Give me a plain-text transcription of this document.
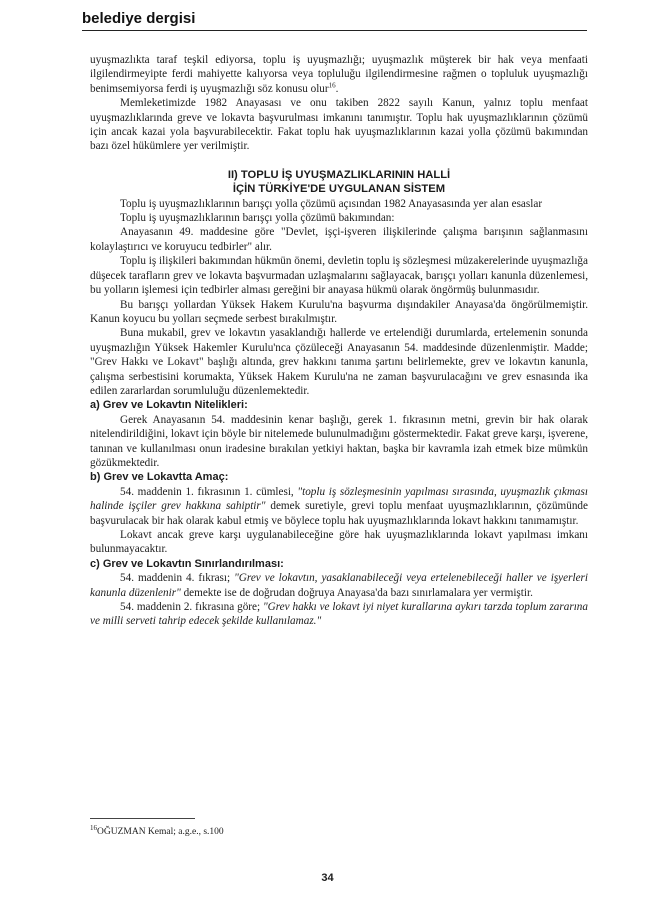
belediye dergisi

uyuşmazlıkta taraf teşkil ediyorsa, toplu iş uyuşmazlığı; uyuşmazlık müşterek bir hak veya menfaati ilgilendirmeyipte ferdi mahiyette kalıyorsa veya topluluğu ilgilendirmesine rağmen o topluluk uyuşmazlığı benimsemiyorsa ferdi iş uyuşmazlığı söz konusu olur$^{16}$.

Memleketimizde 1982 Anayasası ve onu takiben 2822 sayılı Kanun, yalnız toplu menfaat uyuşmazlıklarında greve ve lokavta başvurulması imkanını tanımıştır. Toplu hak uyuşmazlıklarının çözümü için ancak kazai yola başvurabilecektir. Fakat toplu hak uyuşmazlıklarının kazai yolla çözümü bakımından bazı özel hükümlere yer verilmiştir.

II) TOPLU İŞ UYUŞMAZLIKLARININ HALLİ
İÇİN TÜRKİYE'DE UYGULANAN SİSTEM

Toplu iş uyuşmazlıklarının barışçı yolla çözümü açısından 1982 Anayasasında yer alan esaslar

Toplu iş uyuşmazlıklarının barışçı yolla çözümü bakımından:

Anayasanın 49. maddesine göre "Devlet, işçi-işveren ilişkilerinde çalışma barışının sağlanmasını kolaylaştırıcı ve koruyucu tedbirler" alır.

Toplu iş ilişkileri bakımından hükmün önemi, devletin toplu iş sözleşmesi müzakerelerinde uyuşmazlığa düşecek tarafların grev ve lokavta başvurmadan uzlaşmalarını sağlayacak, barışçı yolları kanunla düzenlemesi, bu yolların işlemesi için tedbirler alması gereğini bir anayasa hükmü olarak öngörmüş bulunmasıdır.

Bu barışçı yollardan Yüksek Hakem Kurulu'na başvurma dışındakiler Anayasa'da öngörülmemiştir. Kanun koyucu bu yolları seçmede serbest bırakılmıştır.

Buna mukabil, grev ve lokavtın yasaklandığı hallerde ve ertelendiği durumlarda, ertelemenin sonunda uyuşmazlığın Yüksek Hakemler Kurulu'nca çözüleceği Anayasanın 54. maddesinde düzenlenmiştir. Madde; "Grev Hakkı ve Lokavt" başlığı altında, grev hakkını tanıma şartını belirlemekte, grev ve lokavtın kanunla, çalışma serbestisini korumakta, Yüksek Hakem Kurulu'na ne zaman başvurulacağını ve grev esnasında ika edilen zararlardan sorumluluğu düzenlemektedir.

a) Grev ve Lokavtın Nitelikleri:

Gerek Anayasanın 54. maddesinin kenar başlığı, gerek 1. fıkrasının metni, grevin bir hak olarak nitelendirildiğini, lokavt için böyle bir nitelemede bulunulmadığını göstermektedir. Fakat greve karşı, işverene, tanınan ve kullanılması onun iradesine bırakılan yetkiyi haktan, başka bir kavramla izah etmek bize mümkün gözükmektedir.

b) Grev ve Lokavtta Amaç:

54. maddenin 1. fıkrasının 1. cümlesi, "toplu iş sözleşmesinin yapılması sırasında, uyuşmazlık çıkması halinde işçiler grev hakkına sahiptir" demek suretiyle, grevi toplu menfaat uyuşmazlıklarının, çözümünde başvurulacak bir hak olarak kabul etmiş ve böylece toplu hak uyuşmazlıklarında lokavt hakkını tanımamıştır.

Lokavt ancak greve karşı uygulanabileceğine göre hak uyuşmazlıklarında lokavt yapılması imkanı bulunmayacaktır.

c) Grev ve Lokavtın Sınırlandırılması:

54. maddenin 4. fıkrası; "Grev ve lokavtın, yasaklanabileceği veya ertelenebileceği haller ve işyerleri kanunla düzenlenir" demekte ise de doğrudan doğruya Anayasa'da bazı sınırlamalara yer vermiştir.

54. maddenin 2. fıkrasına göre; "Grev hakkı ve lokavt iyi niyet kurallarına aykırı tarzda toplum zararına ve milli serveti tahrip edecek şekilde kullanılamaz."

$^{16}$OĞUZMAN Kemal; a.g.e., s.100
34
